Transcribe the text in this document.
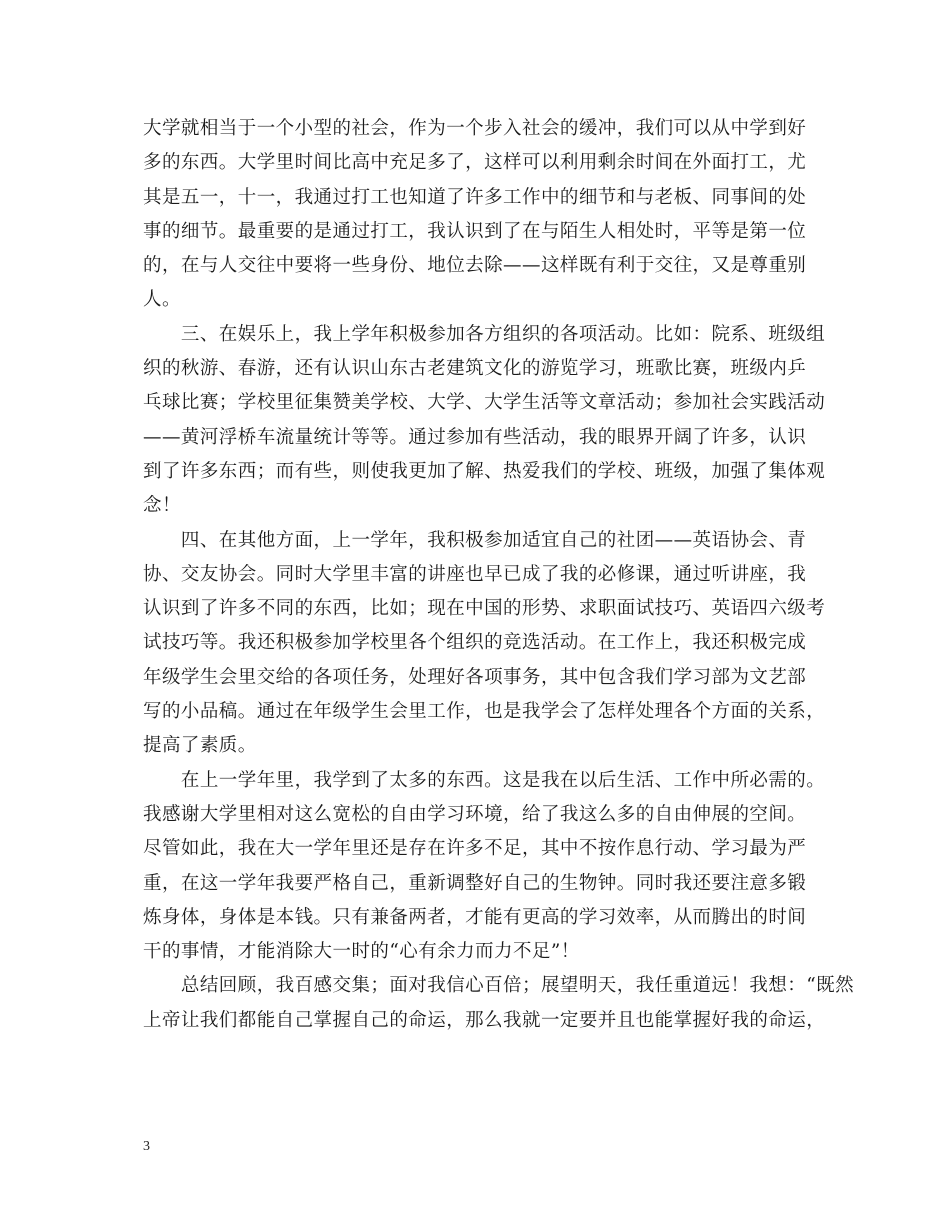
大学就相当于一个小型的社会，作为一个步入社会的缓冲，我们可以从中学到好
多的东西。大学里时间比高中充足多了，这样可以利用剩余时间在外面打工，尤
其是五一，十一，我通过打工也知道了许多工作中的细节和与老板、同事间的处
事的细节。最重要的是通过打工，我认识到了在与陌生人相处时，平等是第一位
的，在与人交往中要将一些身份、地位去除——这样既有利于交往，又是尊重别
人。
　　三、在娱乐上，我上学年积极参加各方组织的各项活动。比如：院系、班级组
织的秋游、春游，还有认识山东古老建筑文化的游览学习，班歌比赛，班级内乒
乓球比赛；学校里征集赞美学校、大学、大学生活等文章活动；参加社会实践活动
——黄河浮桥车流量统计等等。通过参加有些活动，我的眼界开阔了许多，认识
到了许多东西；而有些，则使我更加了解、热爱我们的学校、班级，加强了集体观
念！
　　四、在其他方面，上一学年，我积极参加适宜自己的社团——英语协会、青
协、交友协会。同时大学里丰富的讲座也早已成了我的必修课，通过听讲座，我
认识到了许多不同的东西，比如；现在中国的形势、求职面试技巧、英语四六级考
试技巧等。我还积极参加学校里各个组织的竞选活动。在工作上，我还积极完成
年级学生会里交给的各项任务，处理好各项事务，其中包含我们学习部为文艺部
写的小品稿。通过在年级学生会里工作，也是我学会了怎样处理各个方面的关系，
提高了素质。
　　在上一学年里，我学到了太多的东西。这是我在以后生活、工作中所必需的。
我感谢大学里相对这么宽松的自由学习环境，给了我这么多的自由伸展的空间。
尽管如此，我在大一学年里还是存在许多不足，其中不按作息行动、学习最为严
重，在这一学年我要严格自己，重新调整好自己的生物钟。同时我还要注意多锻
炼身体，身体是本钱。只有兼备两者，才能有更高的学习效率，从而腾出的时间
干的事情，才能消除大一时的“心有余力而力不足”！
　　总结回顾，我百感交集；面对我信心百倍；展望明天，我任重道远！我想：“既然
上帝让我们都能自己掌握自己的命运，那么我就一定要并且也能掌握好我的命运，
3
